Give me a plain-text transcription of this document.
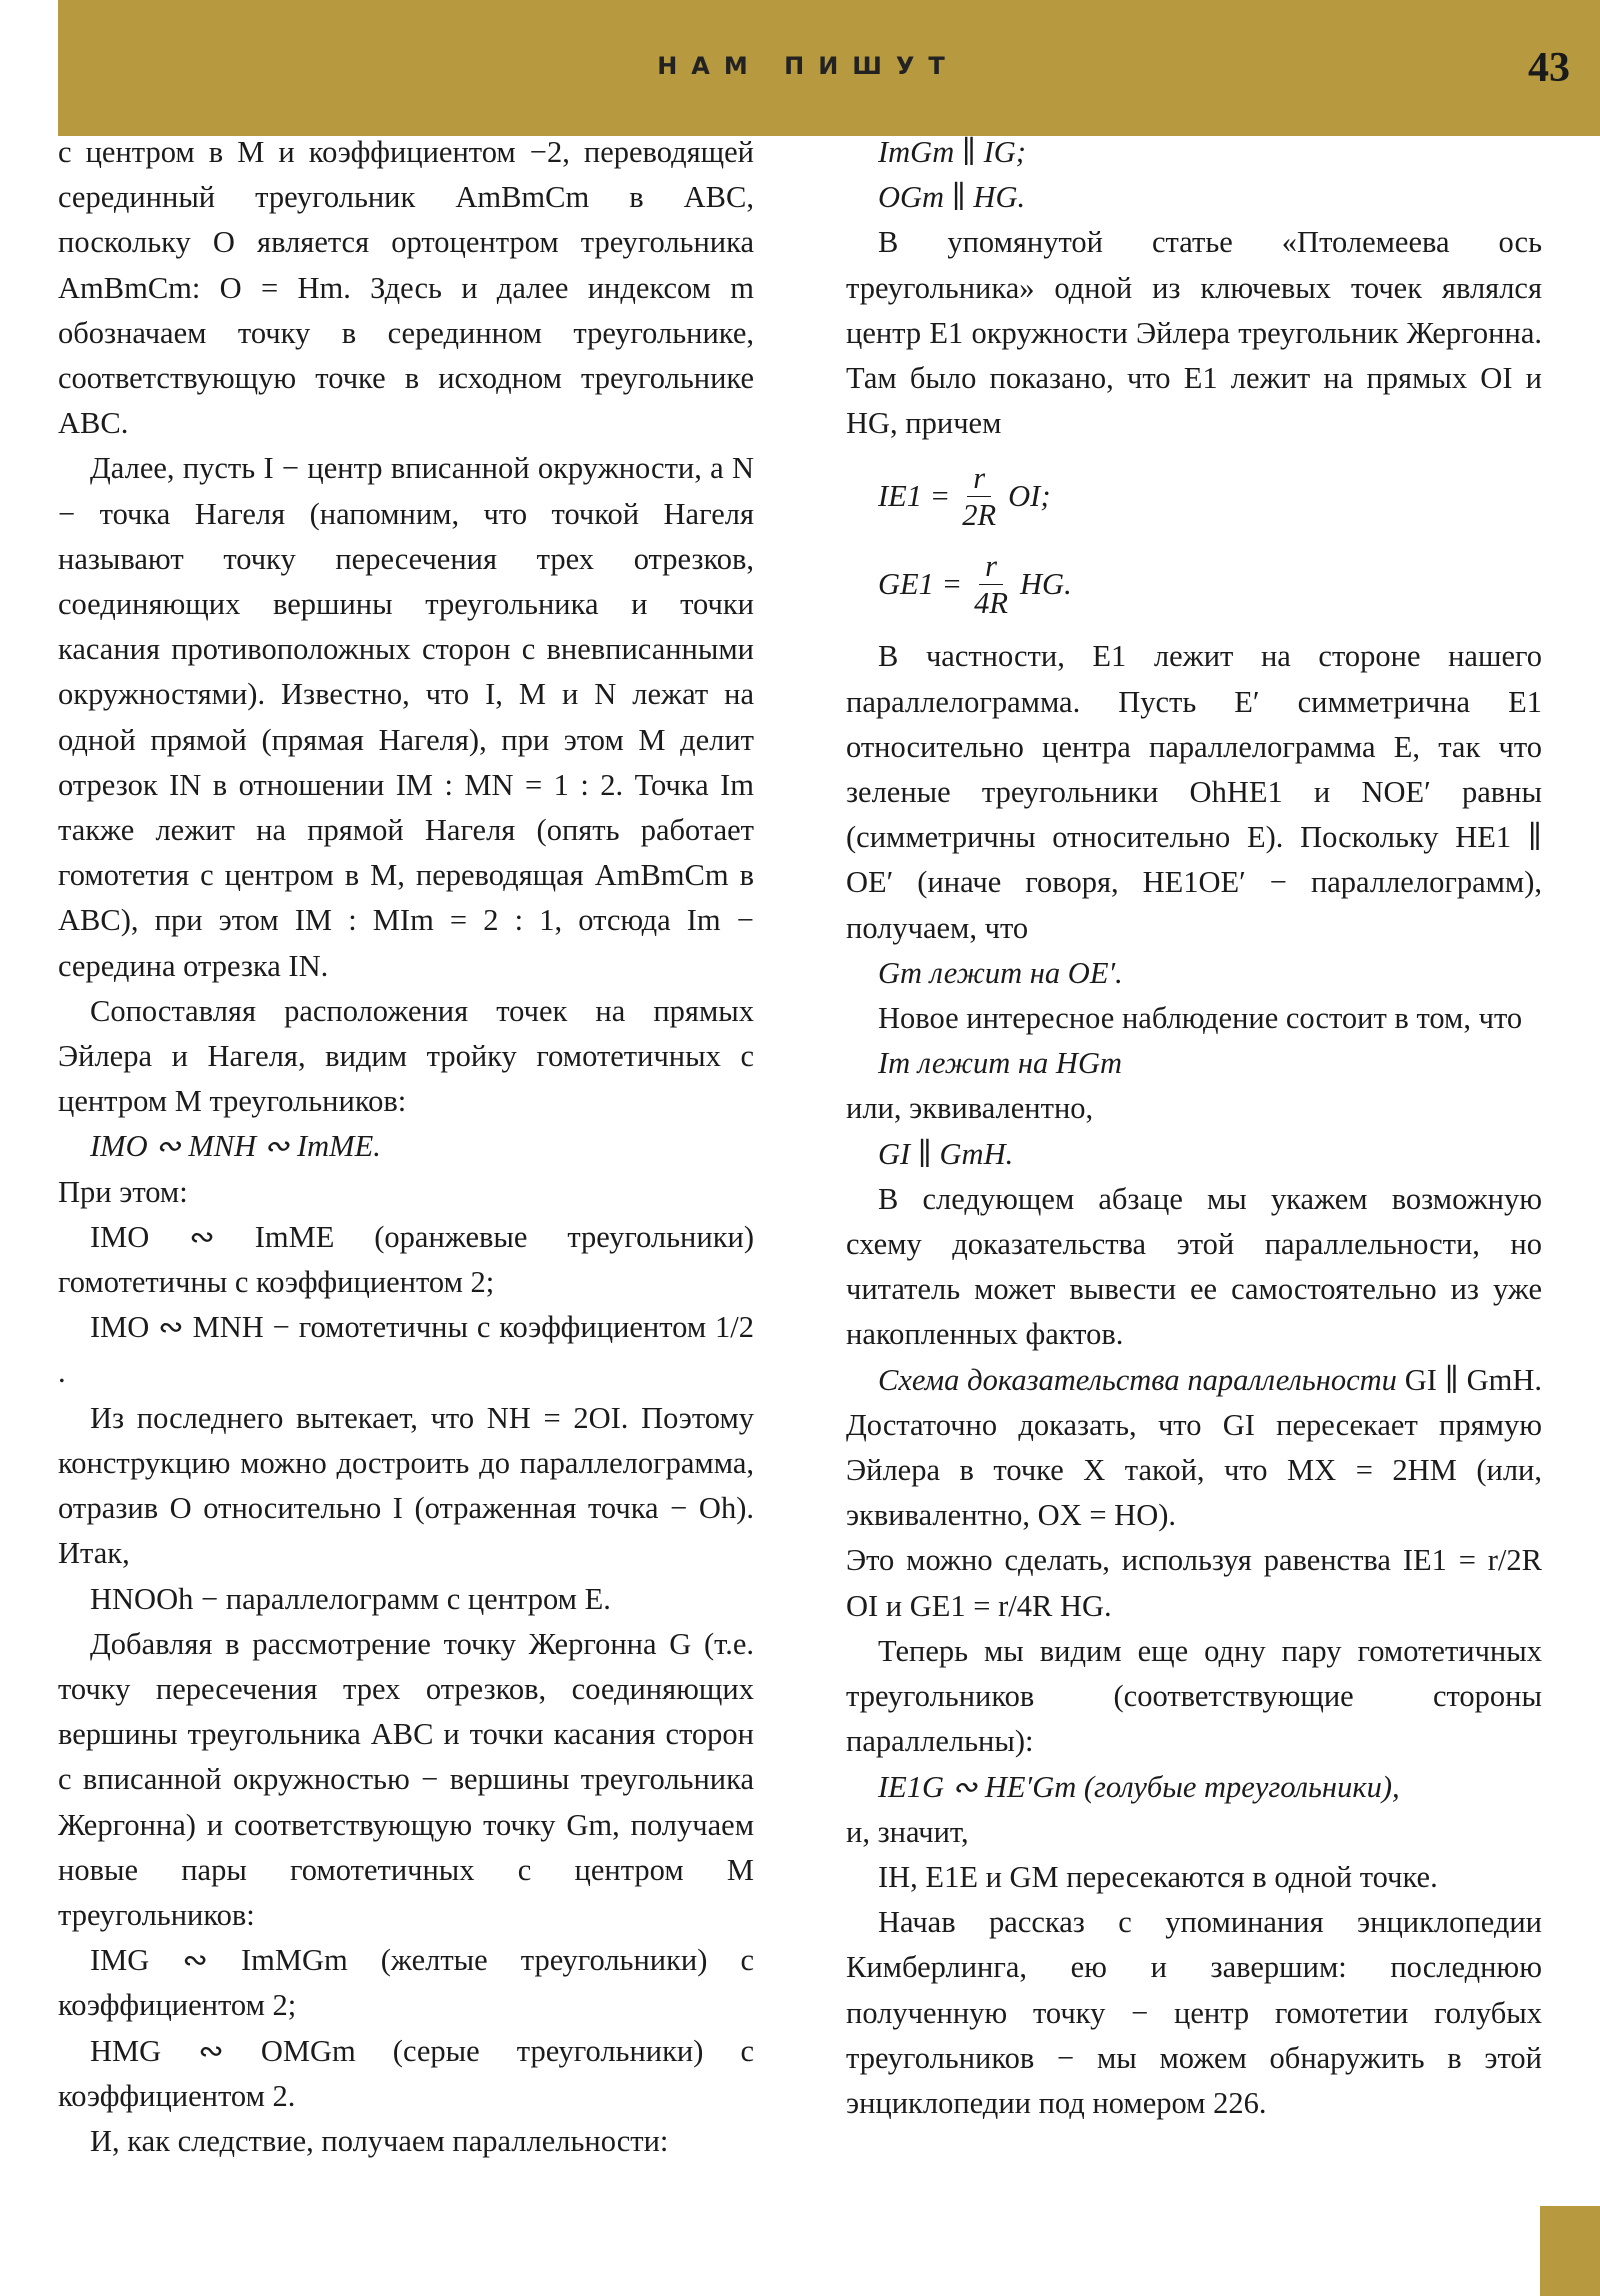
НАМ ПИШУТ	43

с центром в M и коэффициентом −2, переводящей серединный треугольник AmBmCm в ABC, поскольку O является ортоцентром треугольника AmBmCm: O = Hm. Здесь и далее индексом m обозначаем точку в серединном треугольнике, соответствующую точке в исходном треугольнике ABC.

Далее, пусть I − центр вписанной окружности, а N − точка Нагеля (напомним, что точкой Нагеля называют точку пересечения трех отрезков, соединяющих вершины треугольника и точки касания противоположных сторон с вневписанными окружностями). Известно, что I, M и N лежат на одной прямой (прямая Нагеля), при этом M делит отрезок IN в отношении IM : MN = 1 : 2. Точка Im также лежит на прямой Нагеля (опять работает гомотетия с центром в M, переводящая AmBmCm в ABC), при этом IM : MIm = 2 : 1, отсюда Im − середина отрезка IN.

Сопоставляя расположения точек на прямых Эйлера и Нагеля, видим тройку гомотетичных с центром M треугольников:

IMO ∾ MNH ∾ ImME.

При этом:

IMO ∾ ImME (оранжевые треугольники) гомотетичны с коэффициентом 2;

IMO ∾ MNH − гомотетичны с коэффициентом 1/2 .

Из последнего вытекает, что NH = 2OI. Поэтому конструкцию можно достроить до параллелограмма, отразив O относительно I (отраженная точка − Oh). Итак,

HNOOh − параллелограмм с центром E.

Добавляя в рассмотрение точку Жергонна G (т.е. точку пересечения трех отрезков, соединяющих вершины треугольника ABC и точки касания сторон с вписанной окружностью − вершины треугольника Жергонна) и соответствующую точку Gm, получаем новые пары гомотетичных с центром M треугольников:

IMG ∾ ImMGm (желтые треугольники) с коэффициентом 2;

HMG ∾ OMGm (серые треугольники) с коэффициентом 2.

И, как следствие, получаем параллельности:

ImGm ∥ IG;

OGm ∥ HG.

В упомянутой статье «Птолемеева ось треугольника» одной из ключевых точек являлся центр E1 окружности Эйлера треугольник Жергонна. Там было показано, что E1 лежит на прямых OI и HG, причем

$IE1 = \frac{r}{2R}$ OI;
$GE1 = \frac{r}{4R}$ HG.

В частности, E1 лежит на стороне нашего параллелограмма. Пусть E′ симметрична E1 относительно центра параллелограмма E, так что зеленые треугольники OhHE1 и NOE′ равны (симметричны относительно E). Поскольку HE1 ∥ OE′ (иначе говоря, HE1OE′ − параллелограмм), получаем, что

Gm лежит на OE′.

Новое интересное наблюдение состоит в том, что

Im лежит на HGm

или, эквивалентно,

GI ∥ GmH.

В следующем абзаце мы укажем возможную схему доказательства этой параллельности, но читатель может вывести ее самостоятельно из уже накопленных фактов.

Схема доказательства параллельности GI ∥ GmH. Достаточно доказать, что GI пересекает прямую Эйлера в точке X такой, что MX = 2HM (или, эквивалентно, OX = HO).

Это можно сделать, используя равенства IE1 = r/2R OI и GE1 = r/4R HG.

Теперь мы видим еще одну пару гомотетичных треугольников (соответствующие стороны параллельны):

IE1G ∾ HE′Gm (голубые треугольники),

и, значит,

IH, E1E и GM пересекаются в одной точке.

Начав рассказ с упоминания энциклопедии Кимберлинга, ею и завершим: последнюю полученную точку − центр гомотетии голубых треугольников − мы можем обнаружить в этой энциклопедии под номером 226.
